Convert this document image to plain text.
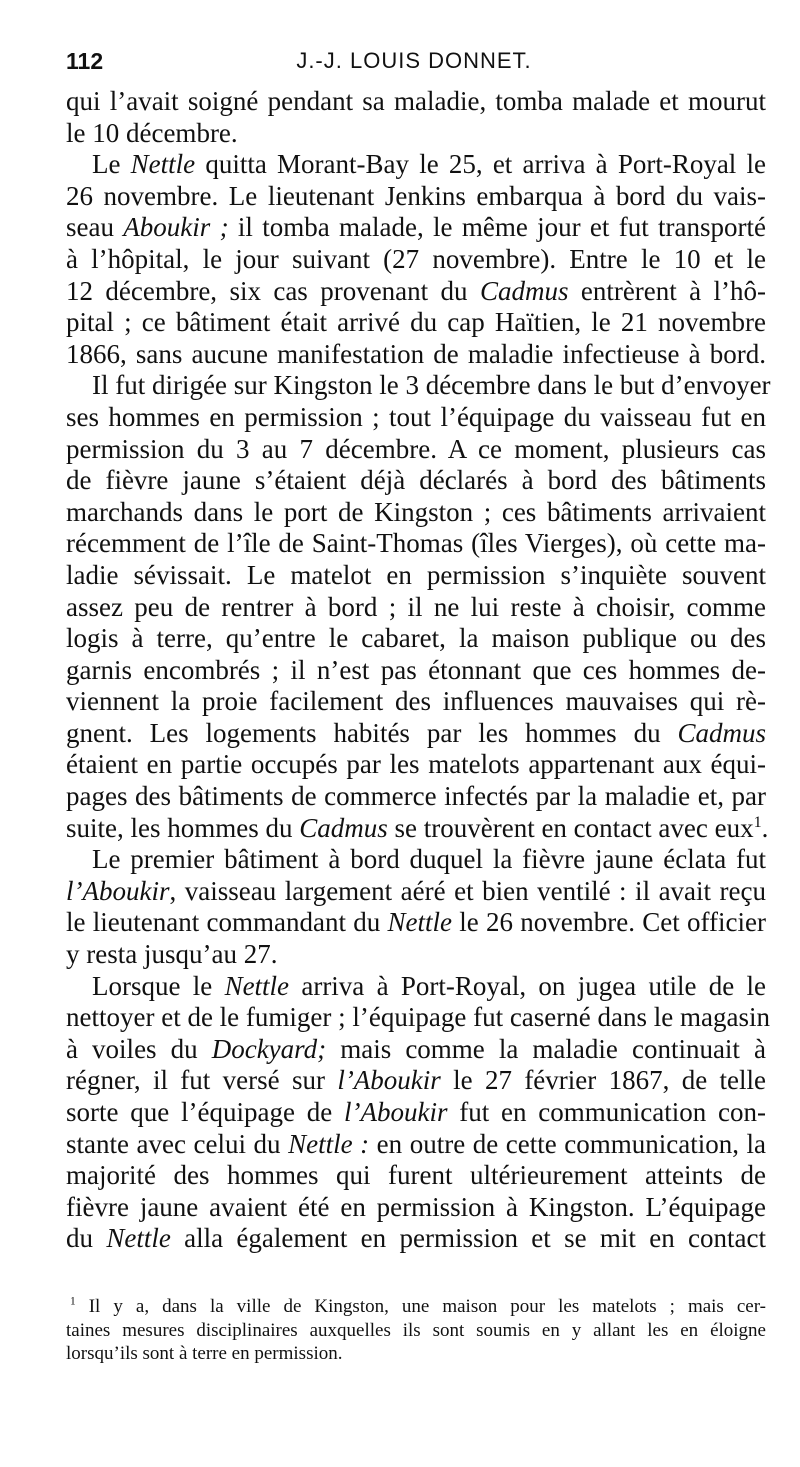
112	J.-J. LOUIS DONNET.
qui l’avait soigné pendant sa maladie, tomba malade et mourut
le 10 décembre.
Le Nettle quitta Morant-Bay le 25, et arriva à Port-Royal le
26 novembre. Le lieutenant Jenkins embarqua à bord du vais-
seau Aboukir ; il tomba malade, le même jour et fut transporté
à l’hôpital, le jour suivant (27 novembre). Entre le 10 et le
12 décembre, six cas provenant du Cadmus entrèrent à l’hô-
pital ; ce bâtiment était arrivé du cap Haïtien, le 21 novembre
1866, sans aucune manifestation de maladie infectieuse à bord.
Il fut dirigée sur Kingston le 3 décembre dans le but d’envoyer
ses hommes en permission ; tout l’équipage du vaisseau fut en
permission du 3 au 7 décembre. A ce moment, plusieurs cas
de fièvre jaune s’étaient déjà déclarés à bord des bâtiments
marchands dans le port de Kingston ; ces bâtiments arrivaient
récemment de l’île de Saint-Thomas (îles Vierges), où cette ma-
ladie sévissait. Le matelot en permission s’inquiète souvent
assez peu de rentrer à bord ; il ne lui reste à choisir, comme
logis à terre, qu’entre le cabaret, la maison publique ou des
garnis encombrés ; il n’est pas étonnant que ces hommes de-
viennent la proie facilement des influences mauvaises qui rè-
gnent. Les logements habités par les hommes du Cadmus
étaient en partie occupés par les matelots appartenant aux équi-
pages des bâtiments de commerce infectés par la maladie et, par
suite, les hommes du Cadmus se trouvèrent en contact avec eux$^1$.
Le premier bâtiment à bord duquel la fièvre jaune éclata fut
l’Aboukir, vaisseau largement aéré et bien ventilé : il avait reçu
le lieutenant commandant du Nettle le 26 novembre. Cet officier
y resta jusqu’au 27.
Lorsque le Nettle arriva à Port-Royal, on jugea utile de le
nettoyer et de le fumiger ; l’équipage fut caserné dans le magasin
à voiles du Dockyard; mais comme la maladie continuait à
régner, il fut versé sur l’Aboukir le 27 février 1867, de telle
sorte que l’équipage de l’Aboukir fut en communication con-
stante avec celui du Nettle : en outre de cette communication, la
majorité des hommes qui furent ultérieurement atteints de
fièvre jaune avaient été en permission à Kingston. L’équipage
du Nettle alla également en permission et se mit en contact
$^1$ Il y a, dans la ville de Kingston, une maison pour les matelots ; mais cer-
taines mesures disciplinaires auxquelles ils sont soumis en y allant les en éloigne
lorsqu’ils sont à terre en permission.
